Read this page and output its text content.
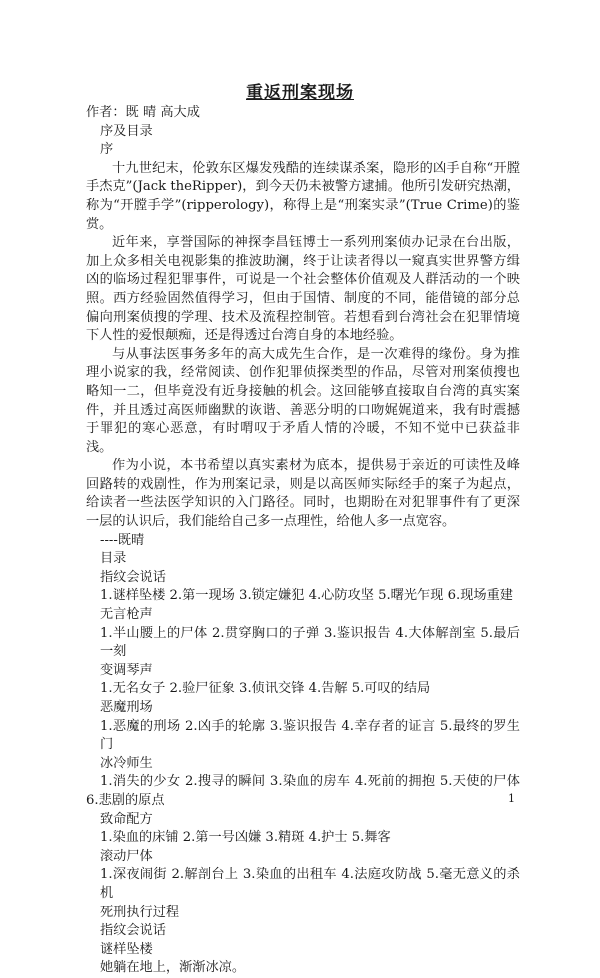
重返刑案现场

作者：既 晴 高大成

序及目录

序

十九世纪末，伦敦东区爆发残酷的连续谋杀案，隐形的凶手自称“开膛手杰克”(Jack theRipper)，到今天仍未被警方逮捕。他所引发研究热潮，称为“开膛手学”(ripperology)，称得上是“刑案实录”(True Crime)的鉴赏。

近年来，享誉国际的神探李昌钰博士一系列刑案侦办记录在台出版，加上众多相关电视影集的推波助澜，终于让读者得以一窥真实世界警方缉凶的临场过程犯罪事件，可说是一个社会整体价值观及人群活动的一个映照。西方经验固然值得学习，但由于国情、制度的不同，能借镜的部分总偏向刑案侦搜的学理、技术及流程控制管。若想看到台湾社会在犯罪情境下人性的爱恨颠痴，还是得透过台湾自身的本地经验。

与从事法医事务多年的高大成先生合作，是一次难得的缘份。身为推理小说家的我，经常阅读、创作犯罪侦探类型的作品，尽管对刑案侦搜也略知一二，但毕竟没有近身接触的机会。这回能够直接取自台湾的真实案件，并且透过高医师幽默的诙谐、善恶分明的口吻娓娓道来，我有时震撼于罪犯的寒心恶意，有时喟叹于矛盾人情的冷暖，不知不觉中已获益非浅。

作为小说，本书希望以真实素材为底本，提供易于亲近的可读性及峰回路转的戏剧性，作为刑案记录，则是以高医师实际经手的案子为起点，给读者一些法医学知识的入门路径。同时，也期盼在对犯罪事件有了更深一层的认识后，我们能给自己多一点理性，给他人多一点宽容。

----既晴

目录

指纹会说话

1.谜样坠楼 2.第一现场 3.锁定嫌犯 4.心防攻坚 5.曙光乍现 6.现场重建

无言枪声

1.半山腰上的尸体 2.贯穿胸口的子弹 3.鉴识报告 4.大体解剖室 5.最后一刻

变调琴声

1.无名女子 2.验尸征象 3.侦讯交锋 4.告解 5.可叹的结局

恶魔刑场

1.恶魔的刑场 2.凶手的轮廓 3.鉴识报告 4.幸存者的证言 5.最终的罗生门

冰冷师生

1.消失的少女 2.搜寻的瞬间 3.染血的房车 4.死前的拥抱 5.天使的尸体 6.悲剧的原点

致命配方

1.染血的床铺 2.第一号凶嫌 3.精斑 4.护士 5.舞客

滚动尸体

1.深夜闹街 2.解剖台上 3.染血的出租车 4.法庭攻防战 5.毫无意义的杀机

死刑执行过程

指纹会说话

谜样坠楼

她躺在地上，渐渐冰凉。

1
